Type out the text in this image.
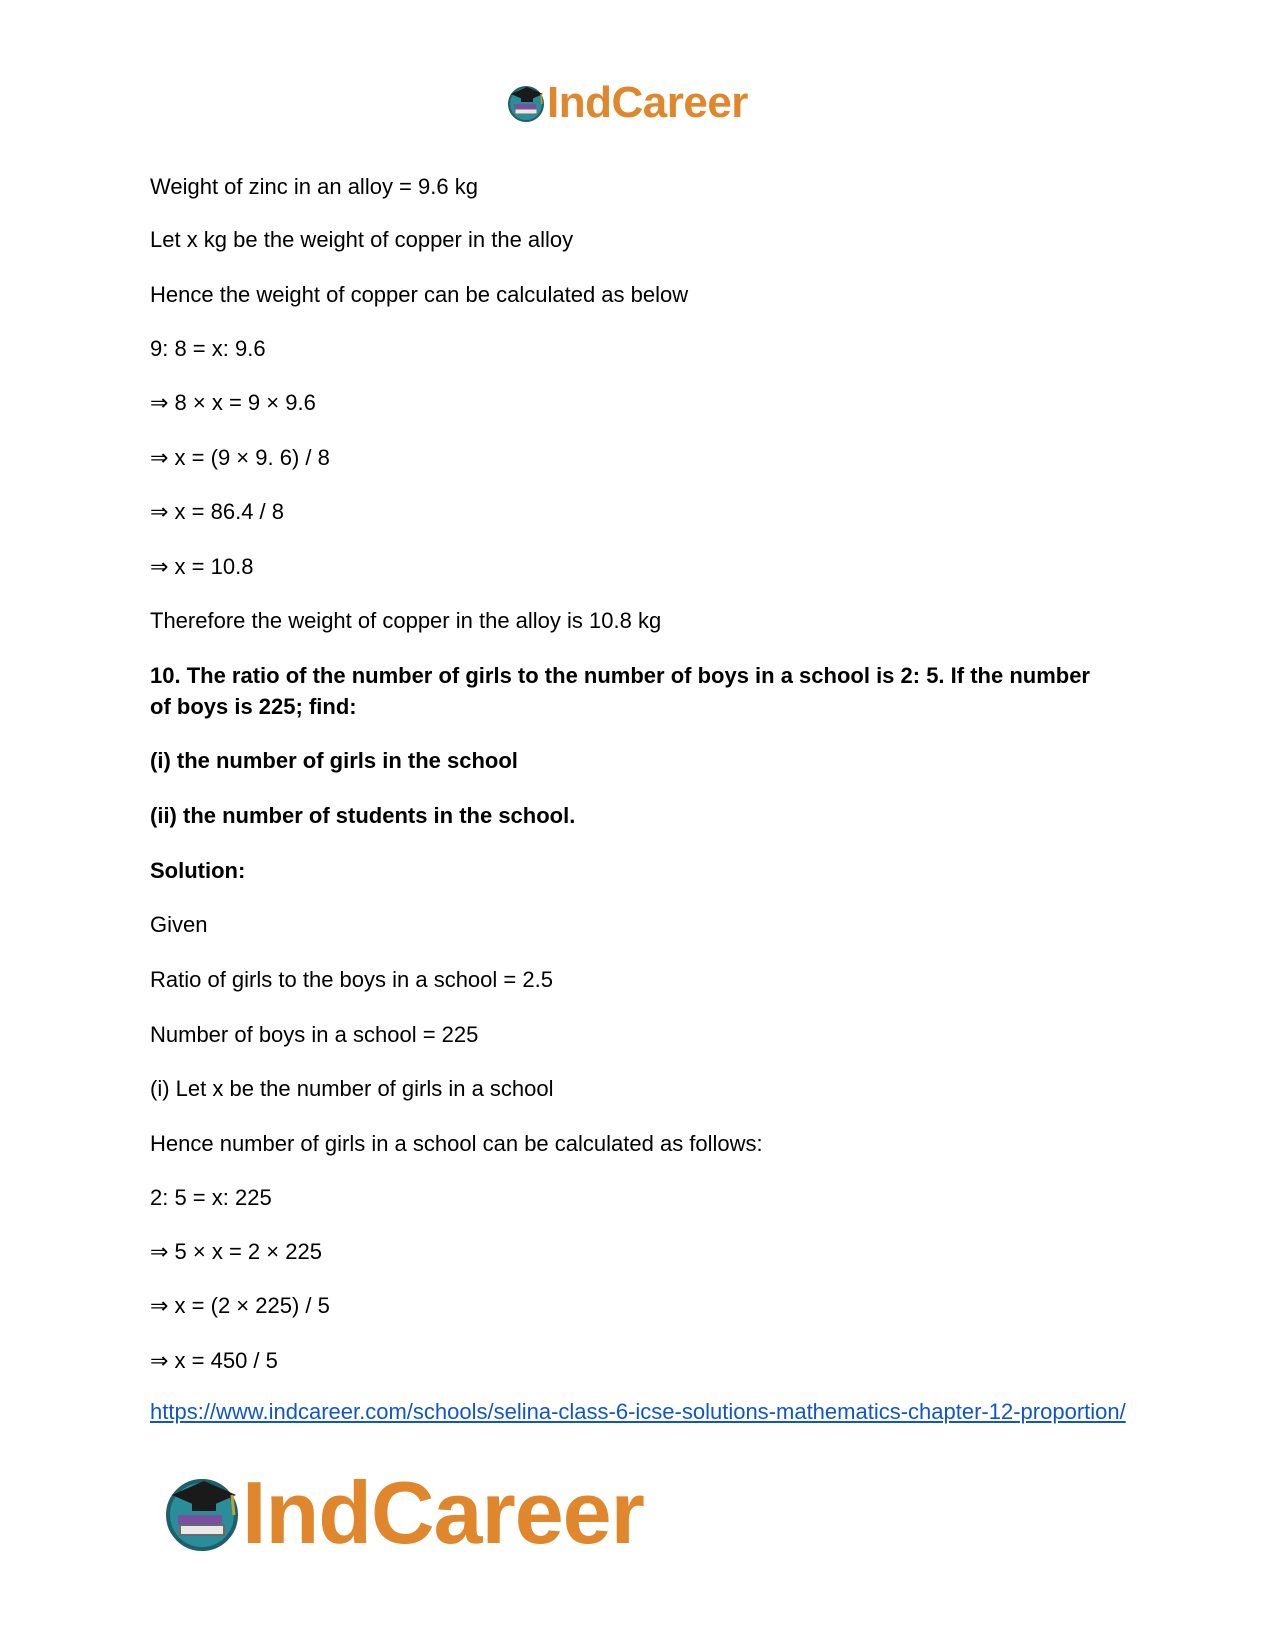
IndCareer
Weight of zinc in an alloy = 9.6 kg
Let x kg be the weight of copper in the alloy
Hence the weight of copper can be calculated as below
9: 8 = x: 9.6
⇒ 8 × x = 9 × 9.6
⇒ x = (9 × 9. 6) / 8
⇒ x = 86.4 / 8
⇒ x = 10.8
Therefore the weight of copper in the alloy is 10.8 kg
10. The ratio of the number of girls to the number of boys in a school is 2: 5. If the number of boys is 225; find:
(i) the number of girls in the school
(ii) the number of students in the school.
Solution:
Given
Ratio of girls to the boys in a school = 2.5
Number of boys in a school = 225
(i) Let x be the number of girls in a school
Hence number of girls in a school can be calculated as follows:
2: 5 = x: 225
⇒ 5 × x = 2 × 225
⇒ x = (2 × 225) / 5
⇒ x = 450 / 5
https://www.indcareer.com/schools/selina-class-6-icse-solutions-mathematics-chapter-12-proportion/
IndCareer
